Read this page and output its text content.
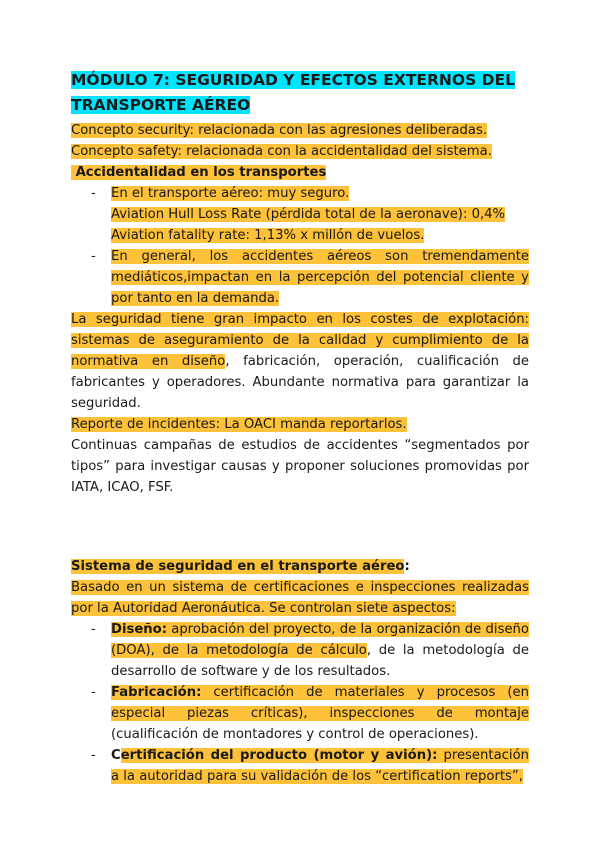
MÓDULO 7: SEGURIDAD Y EFECTOS EXTERNOS DEL
TRANSPORTE AÉREO

Concepto security: relacionada con las agresiones deliberadas.

Concepto safety: relacionada con la accidentalidad del sistema.

Accidentalidad en los transportes

- En el transporte aéreo: muy seguro.
Aviation Hull Loss Rate (pérdida total de la aeronave): 0,4%
Aviation fatality rate: 1,13% x millón de vuelos.
- En general, los accidentes aéreos son tremendamente mediáticos,impactan en la percepción del potencial cliente y por tanto en la demanda.

La seguridad tiene gran impacto en los costes de explotación: sistemas de aseguramiento de la calidad y cumplimiento de la normativa en diseño, fabricación, operación, cualificación de fabricantes y operadores. Abundante normativa para garantizar la seguridad.

Reporte de incidentes: La OACI manda reportarlos.

Continuas campañas de estudios de accidentes “segmentados por tipos” para investigar causas y proponer soluciones promovidas por IATA, ICAO, FSF.

Sistema de seguridad en el transporte aéreo:

Basado en un sistema de certificaciones e inspecciones realizadas por la Autoridad Aeronáutica. Se controlan siete aspectos:

- Diseño: aprobación del proyecto, de la organización de diseño (DOA), de la metodología de cálculo, de la metodología de desarrollo de software y de los resultados.
- Fabricación: certificación de materiales y procesos (en especial piezas críticas), inspecciones de montaje (cualificación de montadores y control de operaciones).
- Certificación del producto (motor y avión): presentación a la autoridad para su validación de los “certification reports”,
